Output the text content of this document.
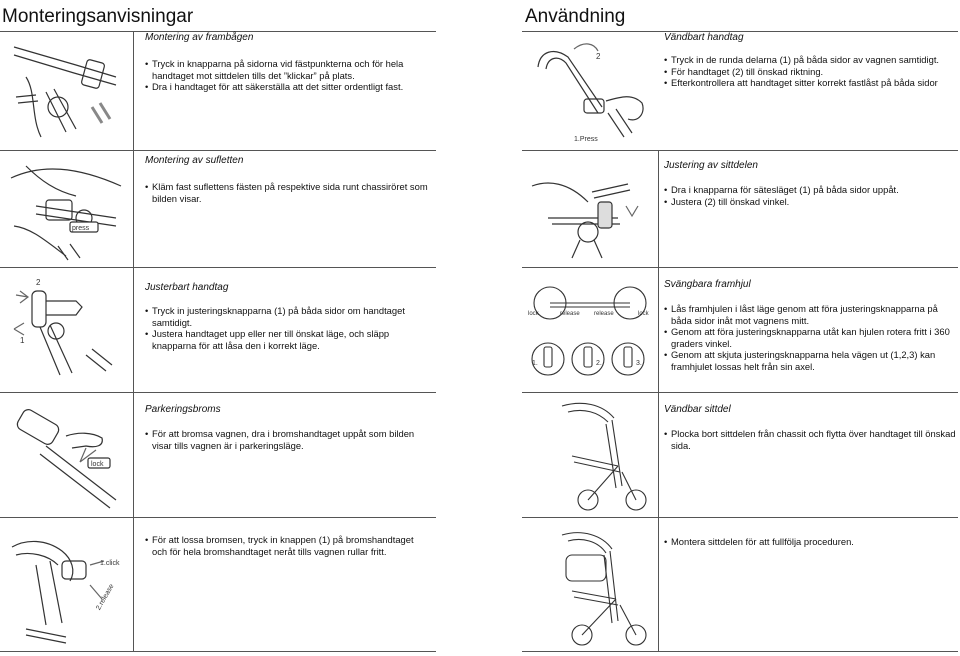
Monteringsanvisningar
Montering av frambågen
• Tryck in knapparna på sidorna vid fästpunkterna och för hela handtaget mot sittdelen tills det ”klickar” på plats.
• Dra i handtaget för att säkerställa att det sitter ordentligt fast.
press
Montering av sufletten
• Kläm fast suflettens fästen på respektive sida runt chassiröret som bilden visar.
2
1
Justerbart handtag
• Tryck in justeringsknapparna (1) på båda sidor om handtaget samtidigt.
• Justera handtaget upp eller ner till önskat läge, och släpp knapparna för att låsa den i korrekt läge.
lock
Parkeringsbroms
• För att bromsa vagnen, dra i bromshandtaget uppåt som bilden visar tills vagnen är i parkeringsläge.
1.click
2.release
• För att lossa bromsen, tryck in knappen (1) på bromshandtaget och för hela bromshandtaget neråt tills vagnen rullar fritt.
Användning
2
1.Press
Vändbart handtag
• Tryck in de runda delarna (1) på båda sidor av vagnen samtidigt.
• För handtaget (2) till önskad riktning.
• Efterkontrollera att handtaget sitter korrekt fastlåst på båda sidor
Justering av sittdelen
• Dra i knapparna för sätesläget (1) på båda sidor uppåt.
• Justera (2) till önskad vinkel.
lock	release release	lock
1.	2.	3.
Svängbara framhjul
• Lås framhjulen i låst läge genom att föra justeringsknapparna på båda sidor inåt mot vagnens mitt.
• Genom att föra justeringsknapparna utåt kan hjulen rotera fritt i 360 graders vinkel.
• Genom att skjuta justeringsknapparna hela vägen ut (1,2,3) kan framhjulet lossas helt från sin axel.
Vändbar sittdel
• Plocka bort sittdelen från chassit och flytta över handtaget till önskad sida.
• Montera sittdelen för att fullfölja proceduren.
